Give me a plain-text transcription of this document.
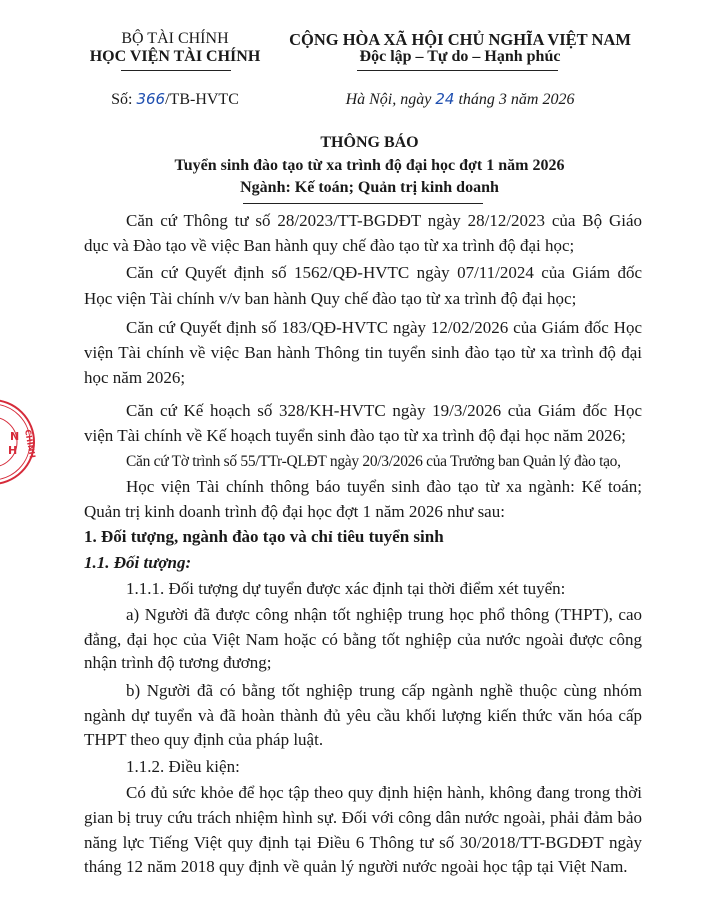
BỘ TÀI CHÍNH
HỌC VIỆN TÀI CHÍNH
CỘNG HÒA XÃ HỘI CHỦ NGHĨA VIỆT NAM
Độc lập – Tự do – Hạnh phúc
Số: 366/TB-HVTC	Hà Nội, ngày 24 tháng 3 năm 2026
THÔNG BÁO
Tuyển sinh đào tạo từ xa trình độ đại học đợt 1 năm 2026
Ngành: Kế toán; Quản trị kinh doanh
N
H CHÍNH
Căn cứ Thông tư số 28/2023/TT-BGDĐT ngày 28/12/2023 của Bộ Giáo
dục và Đào tạo về việc Ban hành quy chế đào tạo từ xa trình độ đại học;
Căn cứ Quyết định số 1562/QĐ-HVTC ngày 07/11/2024 của Giám đốc
Học viện Tài chính v/v ban hành Quy chế đào tạo từ xa trình độ đại học;
Căn cứ Quyết định số 183/QĐ-HVTC ngày 12/02/2026 của Giám đốc Học
viện Tài chính về việc Ban hành Thông tin tuyển sinh đào tạo từ xa trình độ đại
học năm 2026;
Căn cứ Kế hoạch số 328/KH-HVTC ngày 19/3/2026 của Giám đốc Học
viện Tài chính về Kế hoạch tuyển sinh đào tạo từ xa trình độ đại học năm 2026;
Căn cứ Tờ trình số 55/TTr-QLĐT ngày 20/3/2026 của Trưởng ban Quản lý đào tạo,
Học viện Tài chính thông báo tuyển sinh đào tạo từ xa ngành: Kế toán;
Quản trị kinh doanh trình độ đại học đợt 1 năm 2026 như sau:
1. Đối tượng, ngành đào tạo và chỉ tiêu tuyển sinh
1.1. Đối tượng:
1.1.1. Đối tượng dự tuyển được xác định tại thời điểm xét tuyển:
a) Người đã được công nhận tốt nghiệp trung học phổ thông (THPT), cao
đẳng, đại học của Việt Nam hoặc có bằng tốt nghiệp của nước ngoài được công
nhận trình độ tương đương;
b) Người đã có bằng tốt nghiệp trung cấp ngành nghề thuộc cùng nhóm
ngành dự tuyển và đã hoàn thành đủ yêu cầu khối lượng kiến thức văn hóa cấp
THPT theo quy định của pháp luật.
1.1.2. Điều kiện:
Có đủ sức khỏe để học tập theo quy định hiện hành, không đang trong thời
gian bị truy cứu trách nhiệm hình sự. Đối với công dân nước ngoài, phải đảm bảo
năng lực Tiếng Việt quy định tại Điều 6 Thông tư số 30/2018/TT-BGDĐT ngày
tháng 12 năm 2018 quy định về quản lý người nước ngoài học tập tại Việt Nam.
